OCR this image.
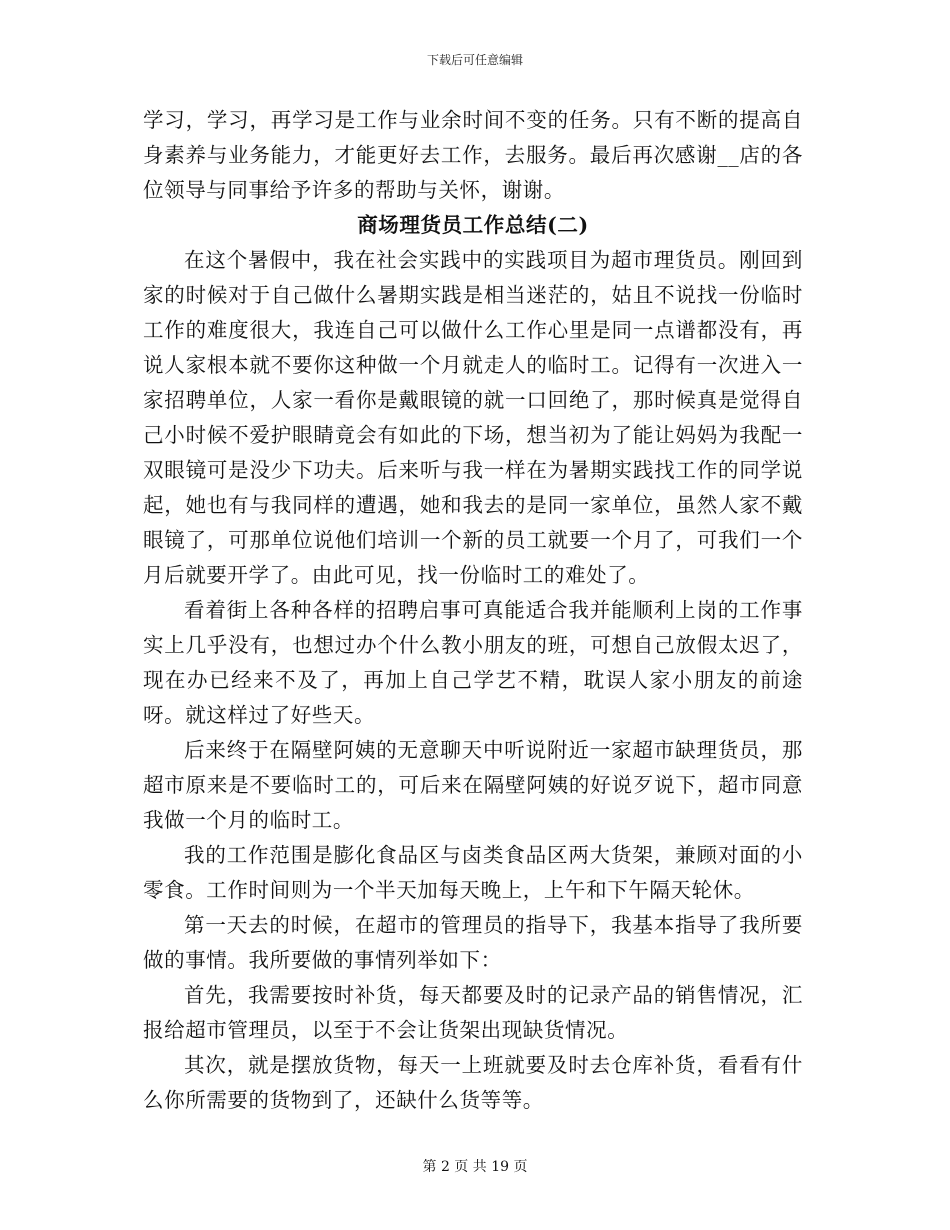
下载后可任意编辑

学习，学习，再学习是工作与业余时间不变的任务。只有不断的提高自身素养与业务能力，才能更好去工作，去服务。最后再次感谢__店的各位领导与同事给予许多的帮助与关怀，谢谢。

商场理货员工作总结(二)

在这个暑假中，我在社会实践中的实践项目为超市理货员。刚回到家的时候对于自己做什么暑期实践是相当迷茫的，姑且不说找一份临时工作的难度很大，我连自己可以做什么工作心里是同一点谱都没有，再说人家根本就不要你这种做一个月就走人的临时工。记得有一次进入一家招聘单位，人家一看你是戴眼镜的就一口回绝了，那时候真是觉得自己小时候不爱护眼睛竟会有如此的下场，想当初为了能让妈妈为我配一双眼镜可是没少下功夫。后来听与我一样在为暑期实践找工作的同学说起，她也有与我同样的遭遇，她和我去的是同一家单位，虽然人家不戴眼镜了，可那单位说他们培训一个新的员工就要一个月了，可我们一个月后就要开学了。由此可见，找一份临时工的难处了。

看着街上各种各样的招聘启事可真能适合我并能顺利上岗的工作事实上几乎没有，也想过办个什么教小朋友的班，可想自己放假太迟了，现在办已经来不及了，再加上自己学艺不精，耽误人家小朋友的前途呀。就这样过了好些天。

后来终于在隔壁阿姨的无意聊天中听说附近一家超市缺理货员，那超市原来是不要临时工的，可后来在隔壁阿姨的好说歹说下，超市同意我做一个月的临时工。

我的工作范围是膨化食品区与卤类食品区两大货架，兼顾对面的小零食。工作时间则为一个半天加每天晚上，上午和下午隔天轮休。

第一天去的时候，在超市的管理员的指导下，我基本指导了我所要做的事情。我所要做的事情列举如下：

首先，我需要按时补货，每天都要及时的记录产品的销售情况，汇报给超市管理员，以至于不会让货架出现缺货情况。

其次，就是摆放货物，每天一上班就要及时去仓库补货，看看有什么你所需要的货物到了，还缺什么货等等。

第 2 页 共 19 页
